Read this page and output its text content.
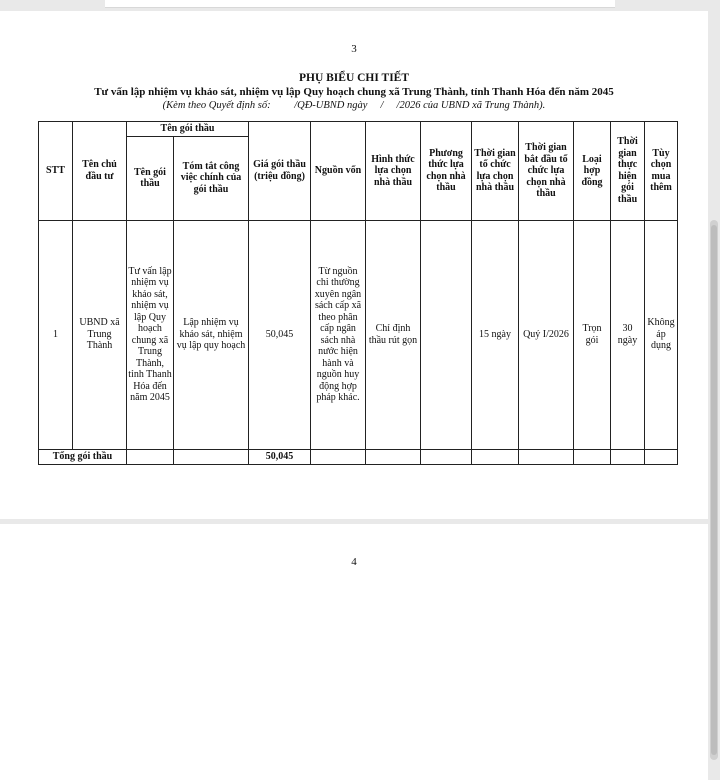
3
PHỤ BIỂU CHI TIẾT
Tư vấn lập nhiệm vụ khảo sát, nhiệm vụ lập Quy hoạch chung xã Trung Thành, tỉnh Thanh Hóa đến năm 2045
(Kèm theo Quyết định số:         /QĐ-UBND ngày     /     /2026 của UBND xã Trung Thành).
STT	Tên chủ đầu tư	Tên gói thầu		Giá gói thầu (triệu đồng)	Nguồn vốn	Hình thức lựa chọn nhà thầu	Phương thức lựa chọn nhà thầu	Thời gian tổ chức lựa chọn nhà thầu	Thời gian bắt đầu tổ chức lựa chọn nhà thầu	Loại hợp đồng	Thời gian thực hiện gói thầu	Tùy chọn mua thêm
		Tên gói thầu	Tóm tắt công việc chính của gói thầu									
1	UBND xã Trung Thành	Tư vấn lập nhiệm vụ khảo sát, nhiệm vụ lập Quy hoạch chung xã Trung Thành, tỉnh Thanh Hóa đến năm 2045	Lập nhiệm vụ khảo sát, nhiệm vụ lập quy hoạch	50,045	Từ nguồn chi thường xuyên ngân sách cấp xã theo phân cấp ngân sách nhà nước hiện hành và nguồn huy động hợp pháp khác.	Chỉ định thầu rút gọn		15 ngày	Quý I/2026	Trọn gói	30 ngày	Không áp dụng
Tổng gói thầu				50,045								
4
